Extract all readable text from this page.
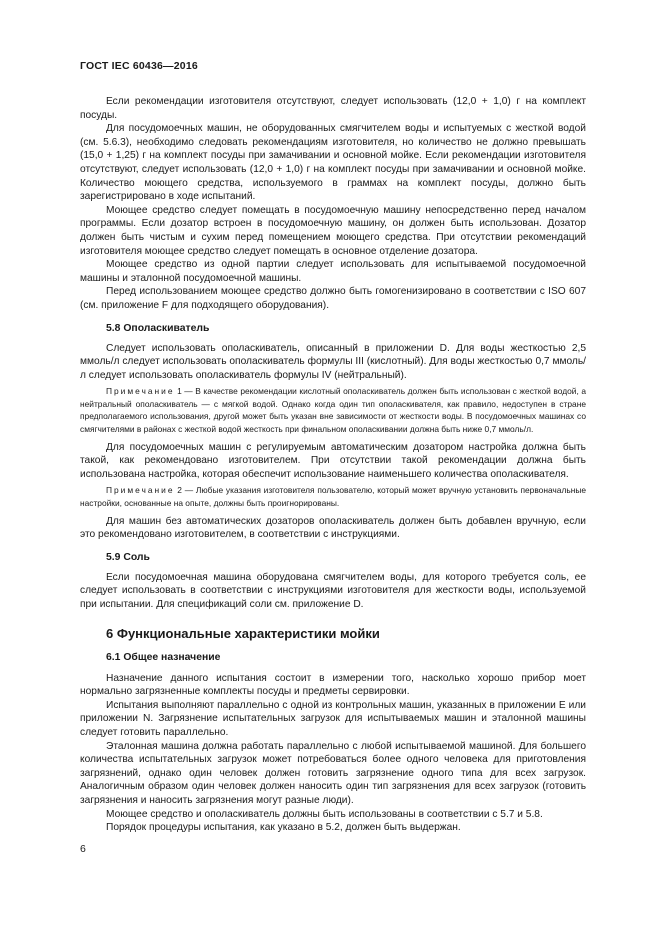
ГОСТ IEC 60436—2016

Если рекомендации изготовителя отсутствуют, следует использовать (12,0 + 1,0) г на комплект посуды.

Для посудомоечных машин, не оборудованных смягчителем воды и испытуемых с жесткой водой (см. 5.6.3), необходимо следовать рекомендациям изготовителя, но количество не должно превышать (15,0 + 1,25) г на комплект посуды при замачивании и основной мойке. Если рекомендации изготовителя отсутствуют, следует использовать (12,0 + 1,0) г на комплект посуды при замачивании и основной мойке. Количество моющего средства, используемого в граммах на комплект посуды, должно быть зарегистрировано в ходе испытаний.

Моющее средство следует помещать в посудомоечную машину непосредственно перед началом программы. Если дозатор встроен в посудомоечную машину, он должен быть использован. Дозатор должен быть чистым и сухим перед помещением моющего средства. При отсутствии рекомендаций изготовителя моющее средство следует помещать в основное отделение дозатора.

Моющее средство из одной партии следует использовать для испытываемой посудомоечной машины и эталонной посудомоечной машины.

Перед использованием моющее средство должно быть гомогенизировано в соответствии с ISO 607 (см. приложение F для подходящего оборудования).

5.8 Ополаскиватель

Следует использовать ополаскиватель, описанный в приложении D. Для воды жесткостью 2,5 ммоль/л следует использовать ополаскиватель формулы III (кислотный). Для воды жесткостью 0,7 ммоль/л следует использовать ополаскиватель формулы IV (нейтральный).

Примечание 1 — В качестве рекомендации кислотный ополаскиватель должен быть использован с жесткой водой, а нейтральный ополаскиватель — с мягкой водой. Однако когда один тип ополаскивателя, как правило, недоступен в стране предполагаемого использования, другой может быть указан вне зависимости от жесткости воды. В посудомоечных машинах со смягчителями в районах с жесткой водой жесткость при финальном ополаскивании должна быть ниже 0,7 ммоль/л.

Для посудомоечных машин с регулируемым автоматическим дозатором настройка должна быть такой, как рекомендовано изготовителем. При отсутствии такой рекомендации должна быть использована настройка, которая обеспечит использование наименьшего количества ополаскивателя.

Примечание 2 — Любые указания изготовителя пользователю, который может вручную установить первоначальные настройки, основанные на опыте, должны быть проигнорированы.

Для машин без автоматических дозаторов ополаскиватель должен быть добавлен вручную, если это рекомендовано изготовителем, в соответствии с инструкциями.

5.9 Соль

Если посудомоечная машина оборудована смягчителем воды, для которого требуется соль, ее следует использовать в соответствии с инструкциями изготовителя для жесткости воды, используемой при испытании. Для спецификаций соли см. приложение D.

6 Функциональные характеристики мойки
6.1 Общее назначение

Назначение данного испытания состоит в измерении того, насколько хорошо прибор моет нормально загрязненные комплекты посуды и предметы сервировки.

Испытания выполняют параллельно с одной из контрольных машин, указанных в приложении E или приложении N. Загрязнение испытательных загрузок для испытываемых машин и эталонной машины следует готовить параллельно.

Эталонная машина должна работать параллельно с любой испытываемой машиной. Для большего количества испытательных загрузок может потребоваться более одного человека для приготовления загрязнений, однако один человек должен готовить загрязнение одного типа для всех загрузок. Аналогичным образом один человек должен наносить один тип загрязнения для всех загрузок (готовить загрязнения и наносить загрязнения могут разные люди).

Моющее средство и ополаскиватель должны быть использованы в соответствии с 5.7 и 5.8.

Порядок процедуры испытания, как указано в 5.2, должен быть выдержан.

6
